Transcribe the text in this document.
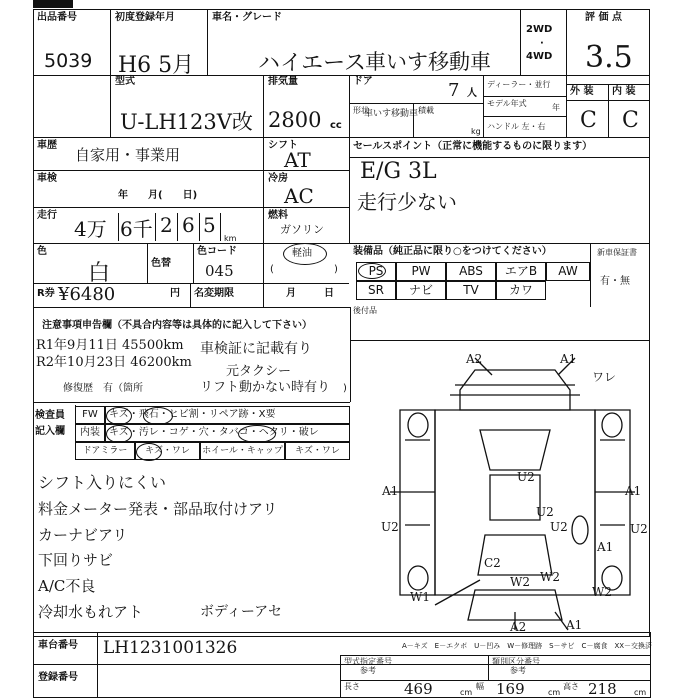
出品番号
5039
初度登録年月
H6 5月
車名・グレード
ハイエース
車いす移動車
2WD
·
4WD
評 価 点
3.5
型式
U-LH123V改
排気量
2800 cc
ドア	7 人
形状
車いす移動車 積載
kg
ディーラー・並行
モデル年式	年
ハンドル 左・右
外 装 内 装
C C
車歴
自家用・事業用
シフト
AT
セールスポイント（正常に機能するものに限ります）
E/G 3L
走行少ない
車検
年　　月(　　日)
冷房
AC
走行
4万 6千 2 6 5
km
燃料
ガソリン
軽油
(	)
色
白	色替
色コード
045
装備品（純正品に限り○をつけてください）	新車保証書
有・無
PS	PW	ABS	エアB	AW
SR	ナビ	TV	カワ
R券 ¥6480	円 名変期限	月	日
後付品
注意事項申告欄（不具合内容等は具体的に記入して下さい）
R1年9月11日 45500km 車検証に記載有り
R2年10月23日 46200km
元タクシー
修復歴　有（箇所	リフト動かない時有り )
検査員
記入欄
FW	キズ・飛石・ヒビ割・リペア跡・X要
内装 キズ・汚レ・コゲ・穴・タバコ・ヘタリ・破レ
ドアミラー	キズ・ワレ	ホイール・キャップ	キズ・ワレ
シフト入りにくい
料金メーター発表・部品取付けアリ
カーナビアリ
下回りサビ
A/C不良
冷却水もれアト	ボディーアセ
A2	A1
ワレ
A1
U2
A1
U2	U2
A1
U2
C2
W2 W2
W2
W1
A2	A1
U2
A－キズ　E－エクボ　U－凹み　W－修理跡　S－サビ　C－腐食　XX－交換済
車台番号 LH1231001326
登録番号
型式指定番号
参考
類別区分番号
参考
長さ	469	cm
幅 169	cm
高さ 218 cm
